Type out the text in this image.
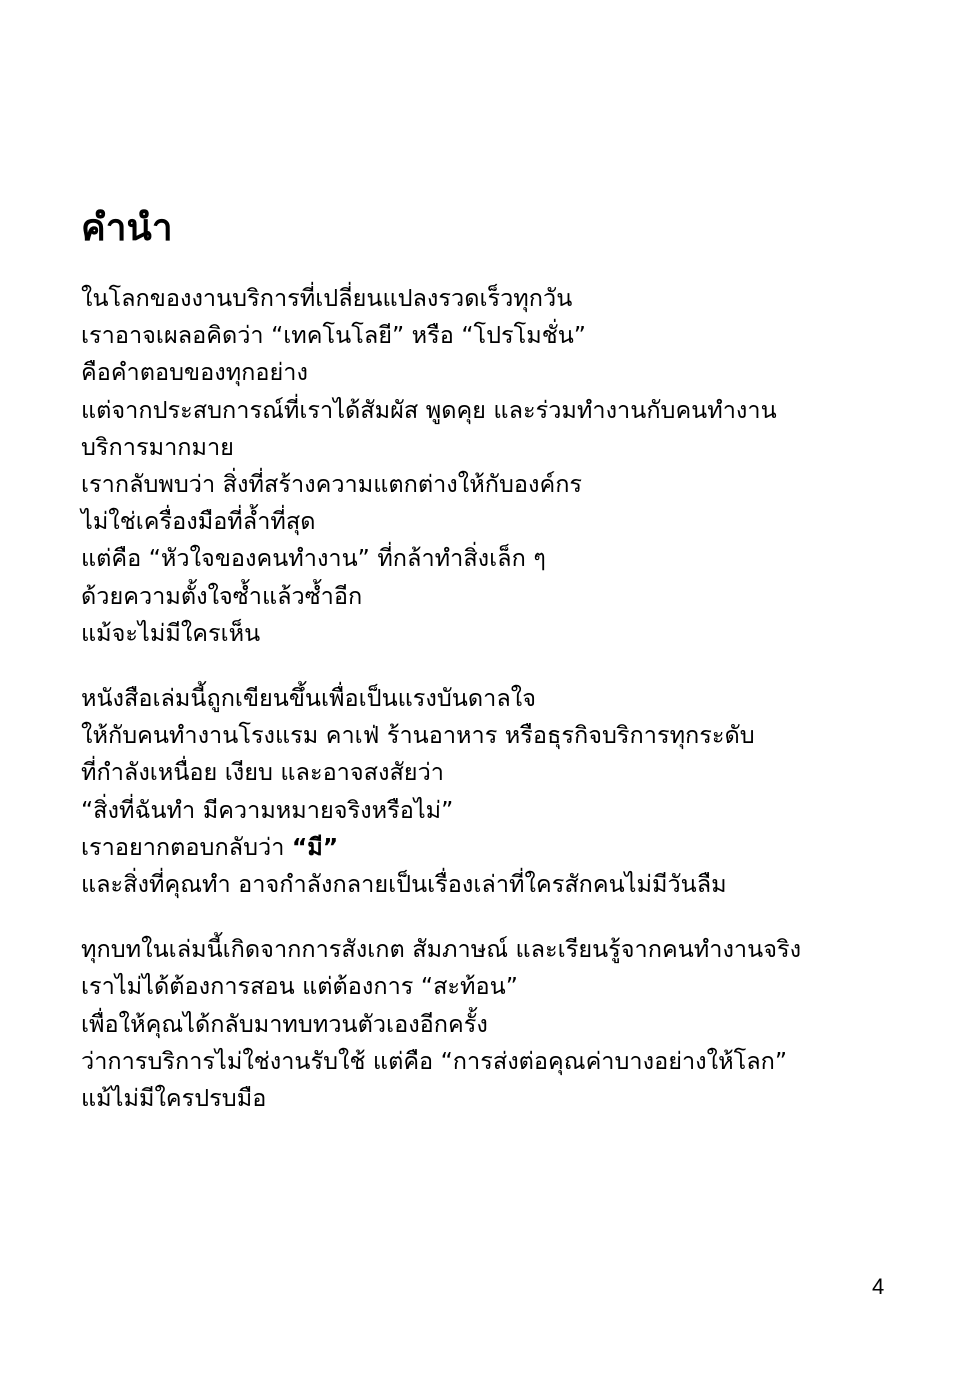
คำนำ

ในโลกของงานบริการที่เปลี่ยนแปลงรวดเร็วทุกวัน
เราอาจเผลอคิดว่า “เทคโนโลยี” หรือ “โปรโมชั่น”
คือคำตอบของทุกอย่าง
แต่จากประสบการณ์ที่เราได้สัมผัส พูดคุย และร่วมทำงานกับคนทำงาน
บริการมากมาย
เรากลับพบว่า สิ่งที่สร้างความแตกต่างให้กับองค์กร
ไม่ใช่เครื่องมือที่ล้ำที่สุด
แต่คือ “หัวใจของคนทำงาน” ที่กล้าทำสิ่งเล็ก ๆ
ด้วยความตั้งใจซ้ำแล้วซ้ำอีก
แม้จะไม่มีใครเห็น

หนังสือเล่มนี้ถูกเขียนขึ้นเพื่อเป็นแรงบันดาลใจ
ให้กับคนทำงานโรงแรม คาเฟ่ ร้านอาหาร หรือธุรกิจบริการทุกระดับ
ที่กำลังเหนื่อย เงียบ และอาจสงสัยว่า
“สิ่งที่ฉันทำ มีความหมายจริงหรือไม่”
เราอยากตอบกลับว่า “มี”
และสิ่งที่คุณทำ อาจกำลังกลายเป็นเรื่องเล่าที่ใครสักคนไม่มีวันลืม

ทุกบทในเล่มนี้เกิดจากการสังเกต สัมภาษณ์ และเรียนรู้จากคนทำงานจริง
เราไม่ได้ต้องการสอน แต่ต้องการ “สะท้อน”
เพื่อให้คุณได้กลับมาทบทวนตัวเองอีกครั้ง
ว่าการบริการไม่ใช่งานรับใช้ แต่คือ “การส่งต่อคุณค่าบางอย่างให้โลก”
แม้ไม่มีใครปรบมือ

4
